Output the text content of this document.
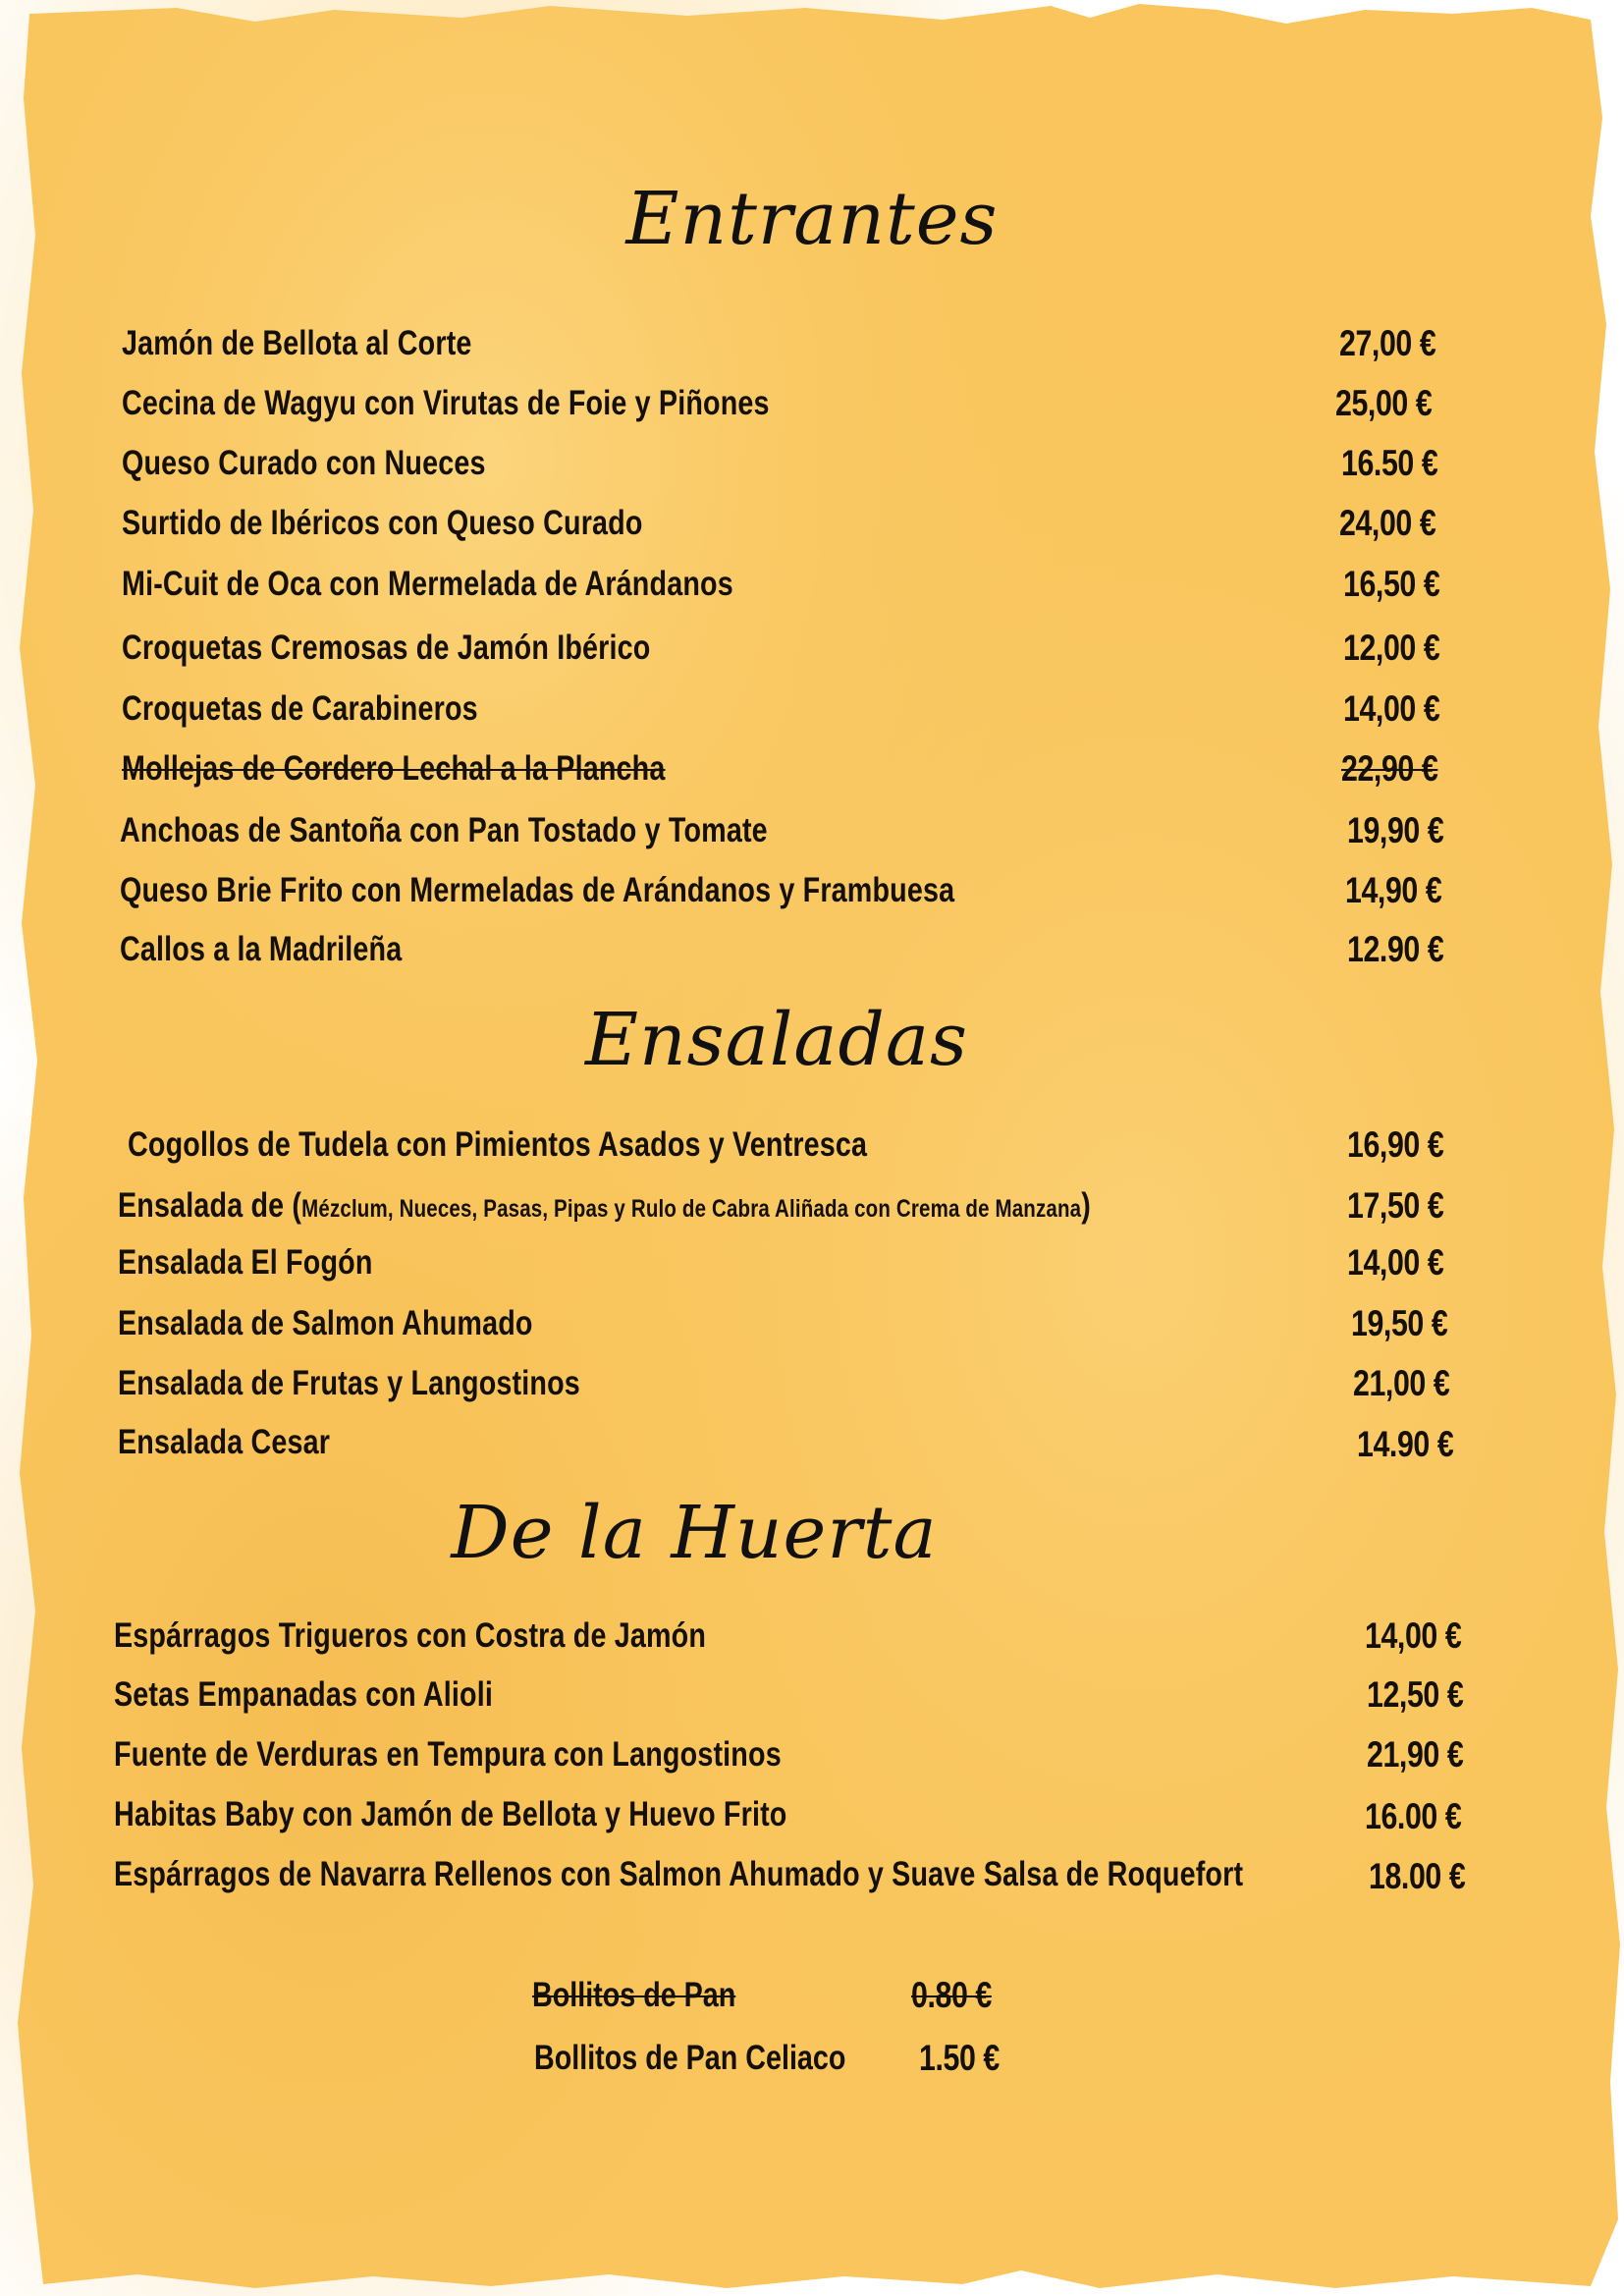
Entrantes
Jamón de Bellota al Corte	27,00 €
Cecina de Wagyu con Virutas de Foie y Piñones	25,00 €
Queso Curado con Nueces	16.50 €
Surtido de Ibéricos con Queso Curado	24,00 €
Mi-Cuit de Oca con Mermelada de Arándanos	16,50 €
Croquetas Cremosas de Jamón Ibérico	12,00 €
Croquetas de Carabineros	14,00 €
Mollejas de Cordero Lechal a la Plancha	22,90 €
Anchoas de Santoña con Pan Tostado y Tomate	19,90 €
Queso Brie Frito con Mermeladas de Arándanos y Frambuesa	14,90 €
Callos a la Madrileña	12.90 €
Ensaladas
Cogollos de Tudela con Pimientos Asados y Ventresca	16,90 €
Ensalada de (Mézclum, Nueces, Pasas, Pipas y Rulo de Cabra Aliñada con Crema de Manzana)	17,50 €
Ensalada El Fogón	14,00 €
Ensalada de Salmon Ahumado	19,50 €
Ensalada de Frutas y Langostinos	21,00 €
Ensalada Cesar	14.90 €
De la Huerta
Espárragos Trigueros con Costra de Jamón	14,00 €
Setas Empanadas con Alioli	12,50 €
Fuente de Verduras en Tempura con Langostinos	21,90 €
Habitas Baby con Jamón de Bellota y Huevo Frito	16.00 €
Espárragos de Navarra Rellenos con Salmon Ahumado y Suave Salsa de Roquefort	18.00 €
Bollitos de Pan	0.80 €
Bollitos de Pan Celiaco 1.50 €
